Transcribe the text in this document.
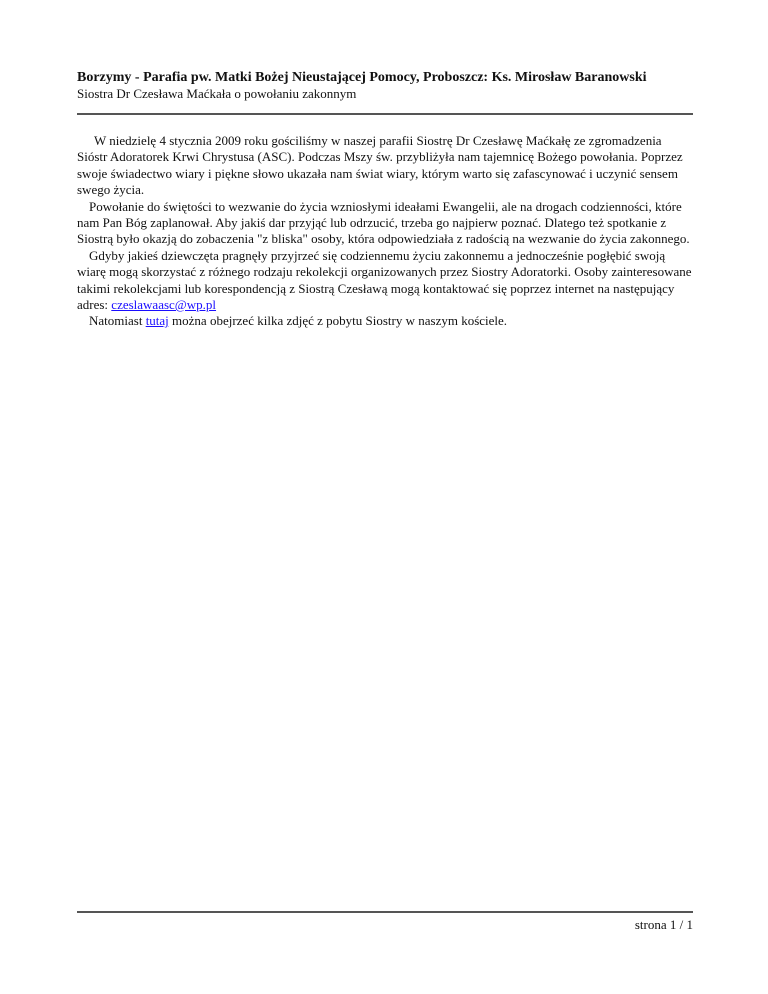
Borzymy - Parafia pw. Matki Bożej Nieustającej Pomocy, Proboszcz: Ks. Mirosław Baranowski
Siostra Dr Czesława Maćkała o powołaniu zakonnym

W niedzielę 4 stycznia 2009 roku gościliśmy w naszej parafii Siostrę Dr Czesławę Maćkałę ze zgromadzenia Sióstr Adoratorek Krwi Chrystusa (ASC). Podczas Mszy św. przybliżyła nam tajemnicę Bożego powołania. Poprzez swoje świadectwo wiary i piękne słowo ukazała nam świat wiary, którym warto się zafascynować i uczynić sensem swego życia.

Powołanie do świętości to wezwanie do życia wzniosłymi ideałami Ewangelii, ale na drogach codzienności, które nam Pan Bóg zaplanował. Aby jakiś dar przyjąć lub odrzucić, trzeba go najpierw poznać. Dlatego też spotkanie z Siostrą było okazją do zobaczenia "z bliska" osoby, która odpowiedziała z radością na wezwanie do życia zakonnego.

Gdyby jakieś dziewczęta pragnęły przyjrzeć się codziennemu życiu zakonnemu a jednocześnie pogłębić swoją wiarę mogą skorzystać z różnego rodzaju rekolekcji organizowanych przez Siostry Adoratorki. Osoby zainteresowane takimi rekolekcjami lub korespondencją z Siostrą Czesławą mogą kontaktować się poprzez internet na następujący adres: czeslawaasc@wp.pl

Natomiast tutaj można obejrzeć kilka zdjęć z pobytu Siostry w naszym kościele.

strona 1 / 1
